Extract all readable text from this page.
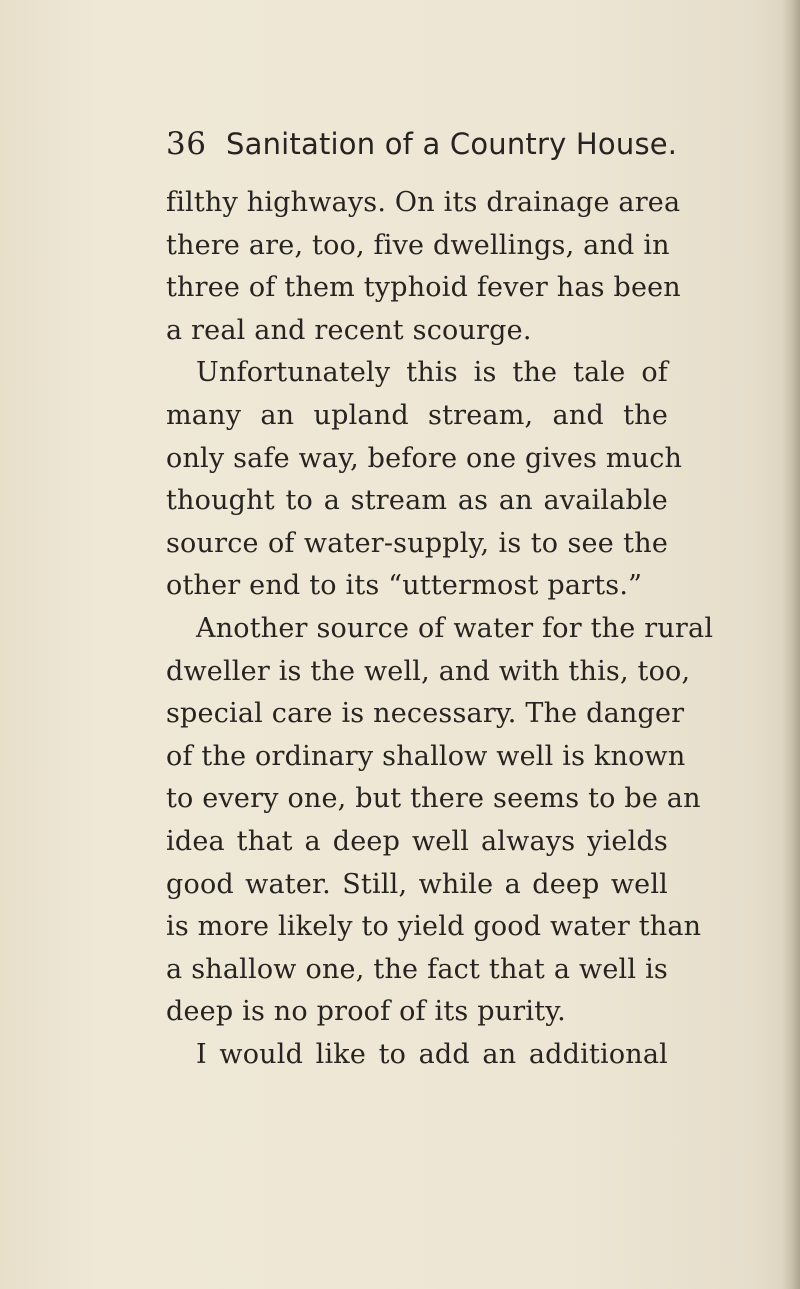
36 Sanitation of a Country House.
filthy highways. On its drainage area
there are, too, five dwellings, and in
three of them typhoid fever has been
a real and recent scourge.
Unfortunately this is the tale of
many an upland stream, and the
only safe way, before one gives much
thought to a stream as an available
source of water-supply, is to see the
other end to its “uttermost parts.”
Another source of water for the rural
dweller is the well, and with this, too,
special care is necessary. The danger
of the ordinary shallow well is known
to every one, but there seems to be an
idea that a deep well always yields
good water. Still, while a deep well
is more likely to yield good water than
a shallow one, the fact that a well is
deep is no proof of its purity.
I would like to add an additional
